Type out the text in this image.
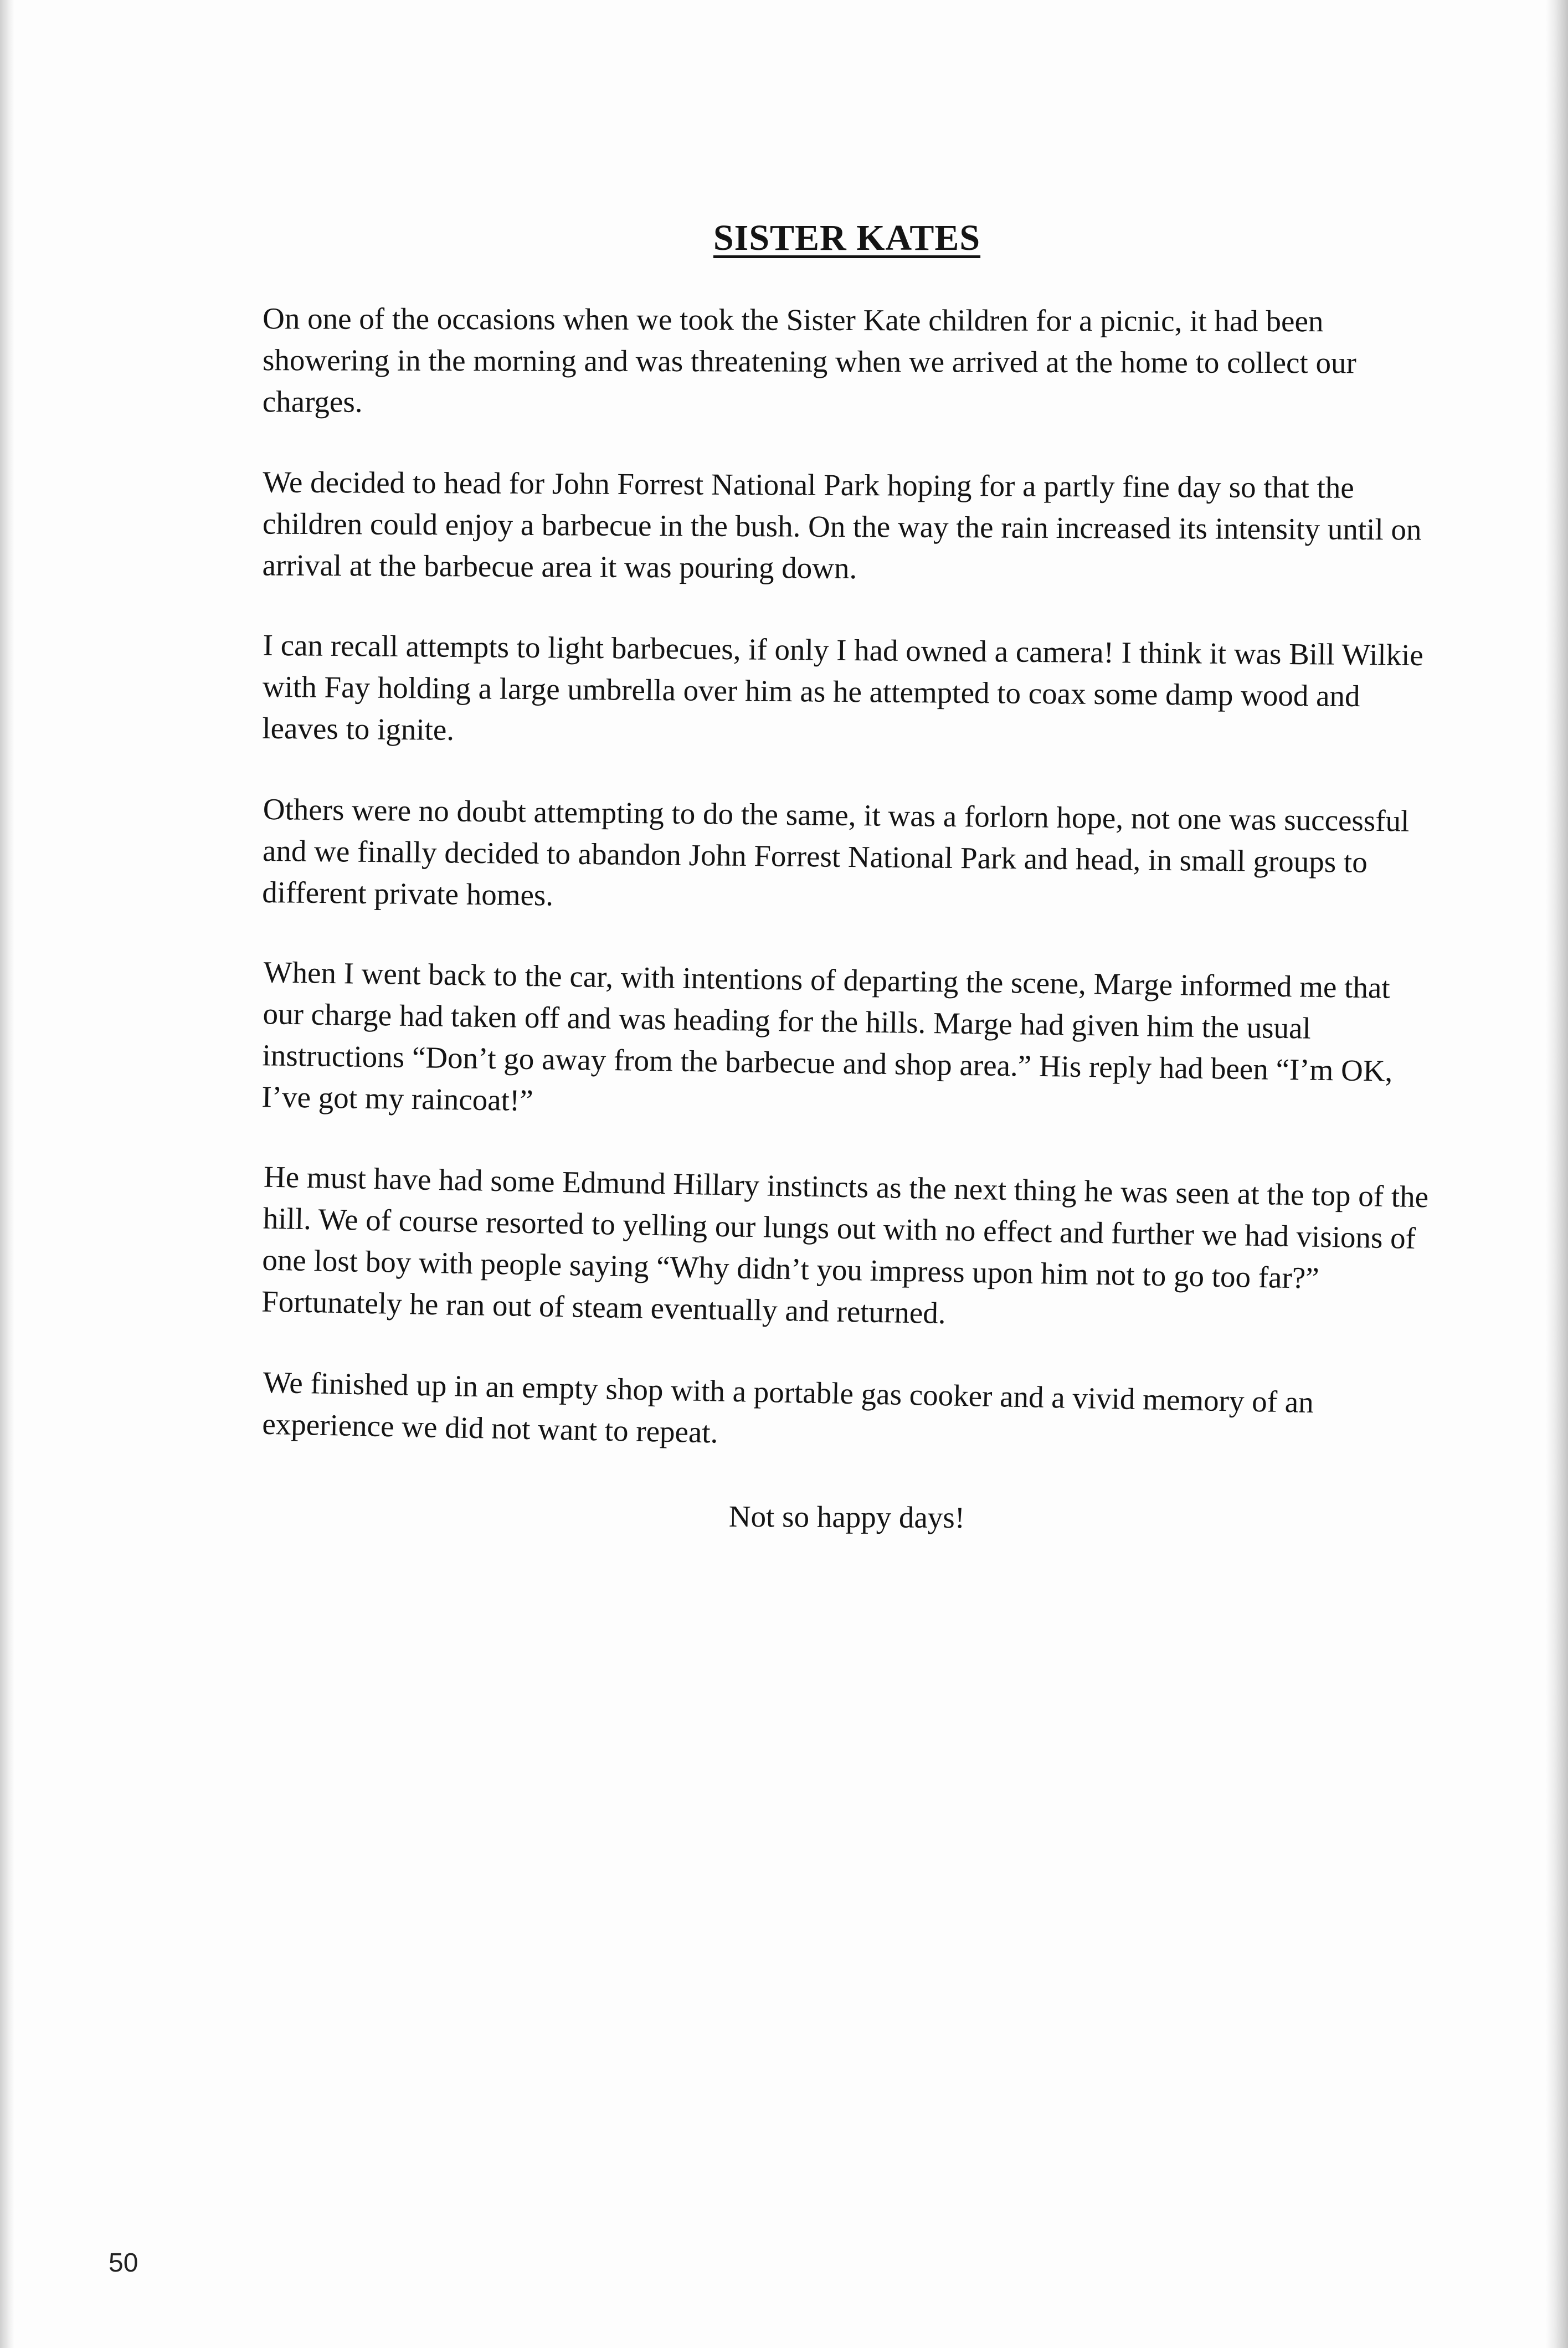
SISTER KATES

On one of the occasions when we took the Sister Kate children for a picnic, it had been showering in the morning and was threatening when we arrived at the home to collect our charges.

We decided to head for John Forrest National Park hoping for a partly fine day so that the children could enjoy a barbecue in the bush. On the way the rain increased its intensity until on arrival at the barbecue area it was pouring down.

I can recall attempts to light barbecues, if only I had owned a camera! I think it was Bill Wilkie with Fay holding a large umbrella over him as he attempted to coax some damp wood and leaves to ignite.

Others were no doubt attempting to do the same, it was a forlorn hope, not one was successful and we finally decided to abandon John Forrest National Park and head, in small groups to different private homes.

When I went back to the car, with intentions of departing the scene, Marge informed me that our charge had taken off and was heading for the hills. Marge had given him the usual instructions “Don’t go away from the barbecue and shop area.” His reply had been “I’m OK, I’ve got my raincoat!”

He must have had some Edmund Hillary instincts as the next thing he was seen at the top of the hill. We of course resorted to yelling our lungs out with no effect and further we had visions of one lost boy with people saying “Why didn’t you impress upon him not to go too far?” Fortunately he ran out of steam eventually and returned.

We finished up in an empty shop with a portable gas cooker and a vivid memory of an experience we did not want to repeat.

Not so happy days!

50
